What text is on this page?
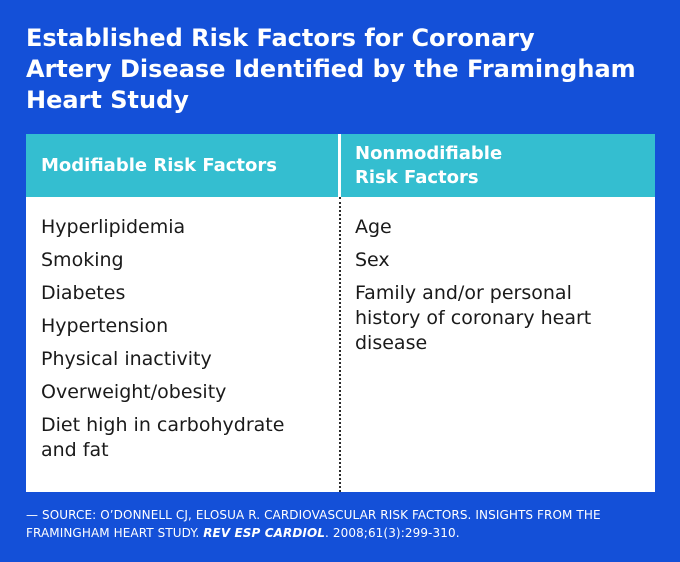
Established Risk Factors for Coronary
Artery Disease Identified by the Framingham
Heart Study
Modifiable Risk Factors
Nonmodifiable
Risk Factors
Hyperlipidemia
Smoking
Diabetes
Hypertension
Physical inactivity
Overweight/obesity
Diet high in carbohydrate
and fat
Age
Sex
Family and/or personal
history of coronary heart
disease
— SOURCE: O’DONNELL CJ, ELOSUA R. CARDIOVASCULAR RISK FACTORS. INSIGHTS FROM THE
FRAMINGHAM HEART STUDY. REV ESP CARDIOL. 2008;61(3):299-310.
